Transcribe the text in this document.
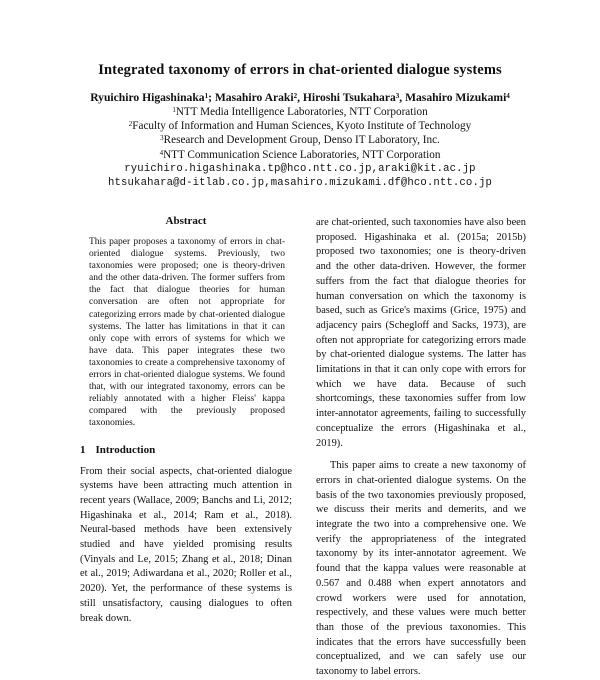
Integrated taxonomy of errors in chat-oriented dialogue systems
Ryuichiro Higashinaka$^1$; Masahiro Araki$^2$, Hiroshi Tsukahara$^3$, Masahiro Mizukami$^4$
$^1$NTT Media Intelligence Laboratories, NTT Corporation
$^2$Faculty of Information and Human Sciences, Kyoto Institute of Technology
$^3$Research and Development Group, Denso IT Laboratory, Inc.
$^4$NTT Communication Science Laboratories, NTT Corporation
ryuichiro.higashinaka.tp@hco.ntt.co.jp,araki@kit.ac.jp
htsukahara@d-itlab.co.jp,masahiro.mizukami.df@hco.ntt.co.jp
Abstract

This paper proposes a taxonomy of errors in chat-oriented dialogue systems. Previously, two taxonomies were proposed; one is theory-driven and the other data-driven. The former suffers from the fact that dialogue theories for human conversation are often not appropriate for categorizing errors made by chat-oriented dialogue systems. The latter has limitations in that it can only cope with errors of systems for which we have data. This paper integrates these two taxonomies to create a comprehensive taxonomy of errors in chat-oriented dialogue systems. We found that, with our integrated taxonomy, errors can be reliably annotated with a higher Fleiss' kappa compared with the previously proposed taxonomies.

1 Introduction

From their social aspects, chat-oriented dialogue systems have been attracting much attention in recent years (Wallace, 2009; Banchs and Li, 2012; Higashinaka et al., 2014; Ram et al., 2018). Neural-based methods have been extensively studied and have yielded promising results (Vinyals and Le, 2015; Zhang et al., 2018; Dinan et al., 2019; Adiwardana et al., 2020; Roller et al., 2020). Yet, the performance of these systems is still unsatisfactory, causing dialogues to often break down.

are chat-oriented, such taxonomies have also been proposed. Higashinaka et al. (2015a; 2015b) proposed two taxonomies; one is theory-driven and the other data-driven. However, the former suffers from the fact that dialogue theories for human conversation on which the taxonomy is based, such as Grice's maxims (Grice, 1975) and adjacency pairs (Schegloff and Sacks, 1973), are often not appropriate for categorizing errors made by chat-oriented dialogue systems. The latter has limitations in that it can only cope with errors for which we have data. Because of such shortcomings, these taxonomies suffer from low inter-annotator agreements, failing to successfully conceptualize the errors (Higashinaka et al., 2019).

This paper aims to create a new taxonomy of errors in chat-oriented dialogue systems. On the basis of the two taxonomies previously proposed, we discuss their merits and demerits, and we integrate the two into a comprehensive one. We verify the appropriateness of the integrated taxonomy by its inter-annotator agreement. We found that the kappa values were reasonable at 0.567 and 0.488 when expert annotators and crowd workers were used for annotation, respectively, and these values were much better than those of the previous taxonomies. This indicates that the errors have successfully been conceptualized, and we can safely use our taxonomy to label errors.
